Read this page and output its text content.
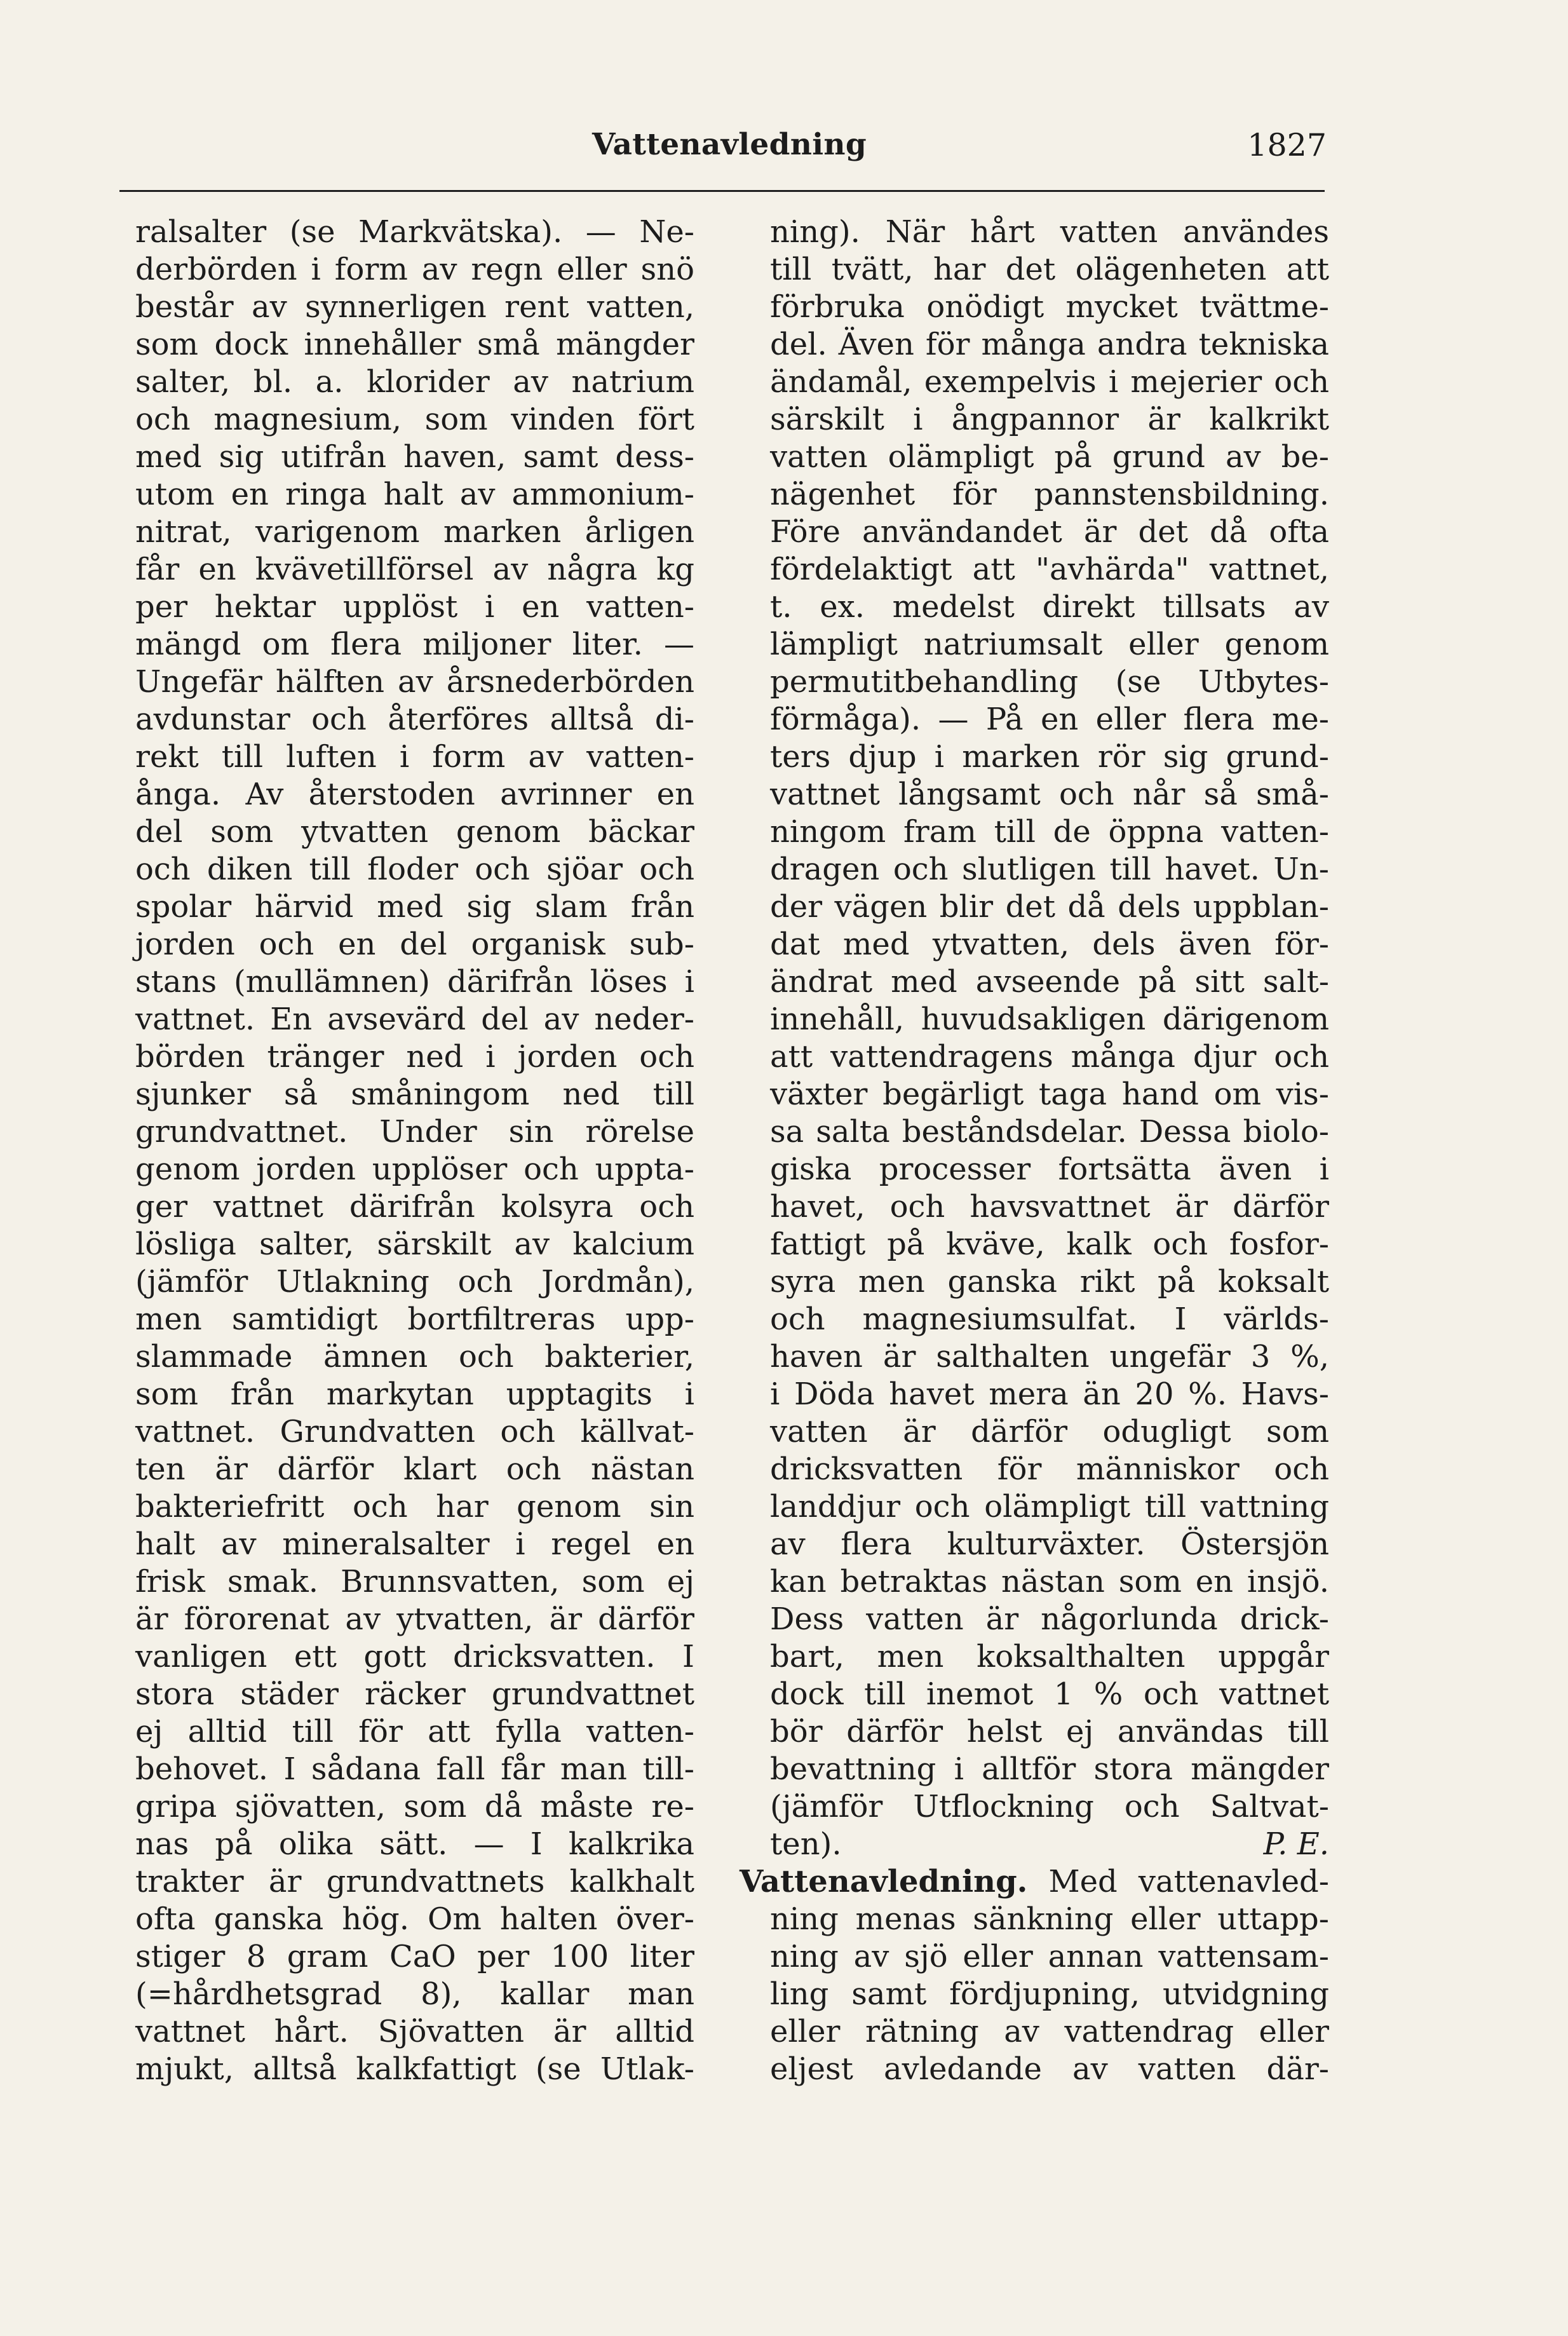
Vattenavledning	1827
ralsalter (se Markvätska). — Ne-
derbörden i form av regn eller snö
består av synnerligen rent vatten,
som dock innehåller små mängder
salter, bl. a. klorider av natrium
och magnesium, som vinden fört
med sig utifrån haven, samt dess-
utom en ringa halt av ammonium-
nitrat, varigenom marken årligen
får en kvävetillförsel av några kg
per hektar upplöst i en vatten-
mängd om flera miljoner liter. —
Ungefär hälften av årsnederbörden
avdunstar och återföres alltså di-
rekt till luften i form av vatten-
ånga. Av återstoden avrinner en
del som ytvatten genom bäckar
och diken till floder och sjöar och
spolar härvid med sig slam från
jorden och en del organisk sub-
stans (mullämnen) därifrån löses i
vattnet. En avsevärd del av neder-
börden tränger ned i jorden och
sjunker så småningom ned till
grundvattnet. Under sin rörelse
genom jorden upplöser och uppta-
ger vattnet därifrån kolsyra och
lösliga salter, särskilt av kalcium
(jämför Utlakning och Jordmån),
men samtidigt bortfiltreras upp-
slammade ämnen och bakterier,
som från markytan upptagits i
vattnet. Grundvatten och källvat-
ten är därför klart och nästan
bakteriefritt och har genom sin
halt av mineralsalter i regel en
frisk smak. Brunnsvatten, som ej
är förorenat av ytvatten, är därför
vanligen ett gott dricksvatten. I
stora städer räcker grundvattnet
ej alltid till för att fylla vatten-
behovet. I sådana fall får man till-
gripa sjövatten, som då måste re-
nas på olika sätt. — I kalkrika
trakter är grundvattnets kalkhalt
ofta ganska hög. Om halten över-
stiger 8 gram CaO per 100 liter
(=hårdhetsgrad 8), kallar man
vattnet hårt. Sjövatten är alltid
mjukt, alltså kalkfattigt (se Utlak-
ning). När hårt vatten användes
till tvätt, har det olägenheten att
förbruka onödigt mycket tvättme-
del. Även för många andra tekniska
ändamål, exempelvis i mejerier och
särskilt i ångpannor är kalkrikt
vatten olämpligt på grund av be-
nägenhet för pannstensbildning.
Före användandet är det då ofta
fördelaktigt att "avhärda" vattnet,
t. ex. medelst direkt tillsats av
lämpligt natriumsalt eller genom
permutitbehandling (se Utbytes-
förmåga). — På en eller flera me-
ters djup i marken rör sig grund-
vattnet långsamt och når så små-
ningom fram till de öppna vatten-
dragen och slutligen till havet. Un-
der vägen blir det då dels uppblan-
dat med ytvatten, dels även för-
ändrat med avseende på sitt salt-
innehåll, huvudsakligen därigenom
att vattendragens många djur och
växter begärligt taga hand om vis-
sa salta beståndsdelar. Dessa biolo-
giska processer fortsätta även i
havet, och havsvattnet är därför
fattigt på kväve, kalk och fosfor-
syra men ganska rikt på koksalt
och magnesiumsulfat. I världs-
haven är salthalten ungefär 3 %,
i Döda havet mera än 20 %. Havs-
vatten är därför odugligt som
dricksvatten för människor och
landdjur och olämpligt till vattning
av flera kulturväxter. Östersjön
kan betraktas nästan som en insjö.
Dess vatten är någorlunda drick-
bart, men koksalthalten uppgår
dock till inemot 1 % och vattnet
bör därför helst ej användas till
bevattning i alltför stora mängder
(jämför Utflockning och Saltvat-
ten).	P. E.
Vattenavledning. Med vattenavled-
ning menas sänkning eller uttapp-
ning av sjö eller annan vattensam-
ling samt fördjupning, utvidgning
eller rätning av vattendrag eller
eljest avledande av vatten där-
